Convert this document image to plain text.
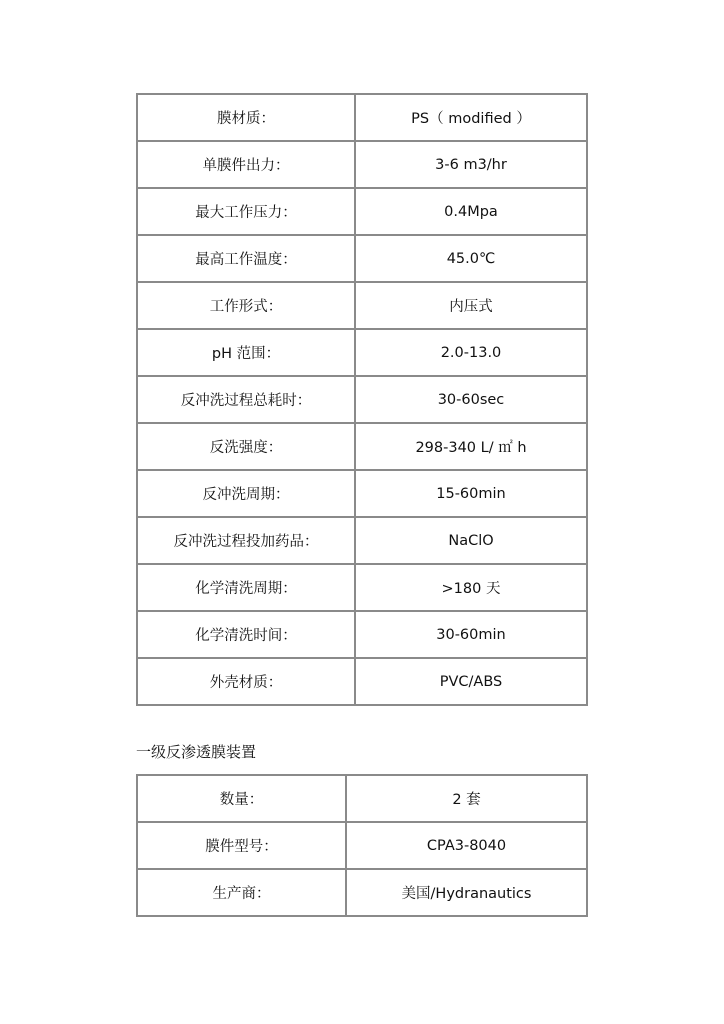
膜材质：	PS（ modified ）
单膜件出力：	3-6 m3/hr
最大工作压力：	0.4Mpa
最高工作温度：	45.0℃
工作形式：	内压式
pH 范围：	2.0-13.0
反冲洗过程总耗时：	30-60sec
反洗强度：	298-340 L/ ㎡ h
反冲洗周期：	15-60min
反冲洗过程投加药品：	NaClO
化学清洗周期：	>180 天
化学清洗时间：	30-60min
外壳材质：	PVC/ABS
一级反渗透膜装置
数量：	2 套
膜件型号：	CPA3-8040
生产商：	美国/Hydranautics
